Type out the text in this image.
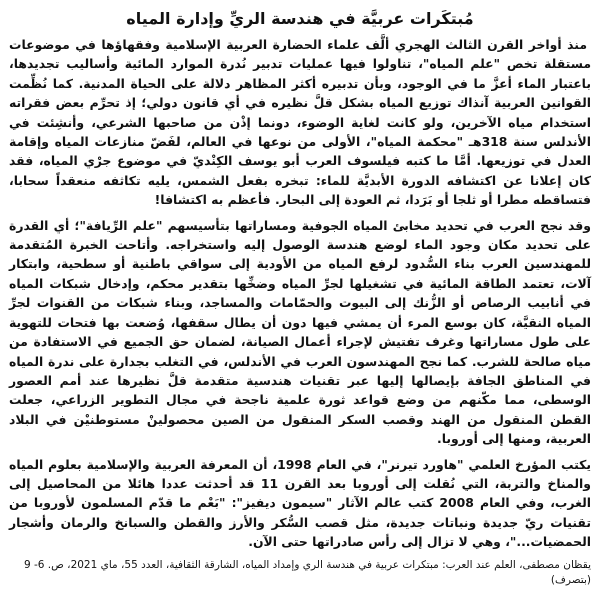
مُبتكَرات عربيَّة في هندسة الريِّ وإدارة المياه

منذ أواخر القرن الثالث الهجري ألَّف علماء الحضارة العربية الإسلامية وفقهاؤها في موضوعات مستقلة تخص "علم المياه"، تناولوا فيها عمليات تدبير نُدرة الموارد المائية وأساليب تجديدها، باعتبار الماء أعزَّ ما في الوجود، وبأن تدبيره أكثر المظاهر دلالة على الحياة المدنية. كما نُظِّمت القوانين العربية آنذاك توزيع المياه بشكل قلَّ نظيره في أي قانون دولي؛ إذ تحرِّم بعض فقراته استخدام مياه الآخرين، ولو كانت لغاية الوضوء، دونما إذْن من صاحبها الشرعي، وأنشِئت في الأندلس سنة 318هـ "محكمة المياه"، الأولى من نوعها في العالم، لفَضّ منازعات المياه وإقامة العدل في توزيعها. أمَّا ما كتبه فيلسوف العرب أبو يوسف الكِنْديّ في موضوع جرْي المياه، فقد كان إعلانا عن اكتشافه الدورة الأبديَّة للماء: تبخره بفعل الشمس، يليه تكاثفه منعقداً سحابا، فتساقطه مطرا أو ثلجا أو بَرَدا، ثم العودة إلى البحار. فأعظم به اكتشافا!

وقد نجح العرب في تحديد مخابئ المياه الجوفية ومساراتها بتأسيسهم "علم الرِّيافة"؛ أي القدرة على تحديد مكان وجود الماء لوضع هندسة الوصول إليه واستخراجه. وأتاحت الخبرة المُتقدمة للمهندسين العرب بناء السُّدود لرفع المياه من الأودية إلى سواقي باطنية أو سطحية، وابتكار آلات، تعتمد الطاقة المائية في تشغيلها لجرِّ المياه وضخِّها بتقدير محكم، وإدخال شبكات المياه في أنابيب الرصاص أو الزُّنك إلى البيوت والحمّامات والمساجد، وبناء شبكات من القنوات لجرِّ المياه النقيَّة، كان بوسع المرء أن يمشي فيها دون أن يطال سقفها، وُضعت بها فتحات للتهوية على طول مساراتها وغرف تفتيش لإجراء أعمال الصيانة، لضمان حق الجميع في الاستفادة من مياه صالحة للشرب. كما نجح المهندسون العرب في الأندلس، في التغلب بجدارة على ندرة المياه في المناطق الجافة بإيصالها إليها عبر تقنيات هندسية متقدمة قلَّ نظيرها عند أمم العصور الوسطى، مما مكّنهم من وضع قواعد ثورة علمية ناجحة في مجال التطوير الزراعي، جعلت القطن المنقول من الهند وقصب السكر المنقول من الصين محصولينْ مستوطنيْن في البلاد العربية، ومنها إلى أوروبا.

يكتب المؤرخ العلمي "هاورد تيرنر"، في العام 1998، أن المعرفة العربية والإسلامية بعلوم المياه والمناخ والتربة، التي نُقلت إلى أوروبا بعد القرن 11 قد أحدثت عددا هائلا من المحاصيل إلى الغرب، وفي العام 2008 كتب عالم الآثار "سيمون ديفيز": "بَعْم ما قدّم المسلمون لأوروبا من تقنيات ريّ جديدة ونباتات جديدة، مثل قصب السُّكر والأرز والقطن والسبانخ والرمان وأشجار الحمضيات..."، وهي لا تزال إلى رأس صادراتها حتى الآن.

يقظان مصطفى، العلم عند العرب: مبتكرات عربية في هندسة الري وإمداد المياه، الشارقة الثقافية، العدد 55، ماي 2021، ص. 6- 9 (بتصرف)
